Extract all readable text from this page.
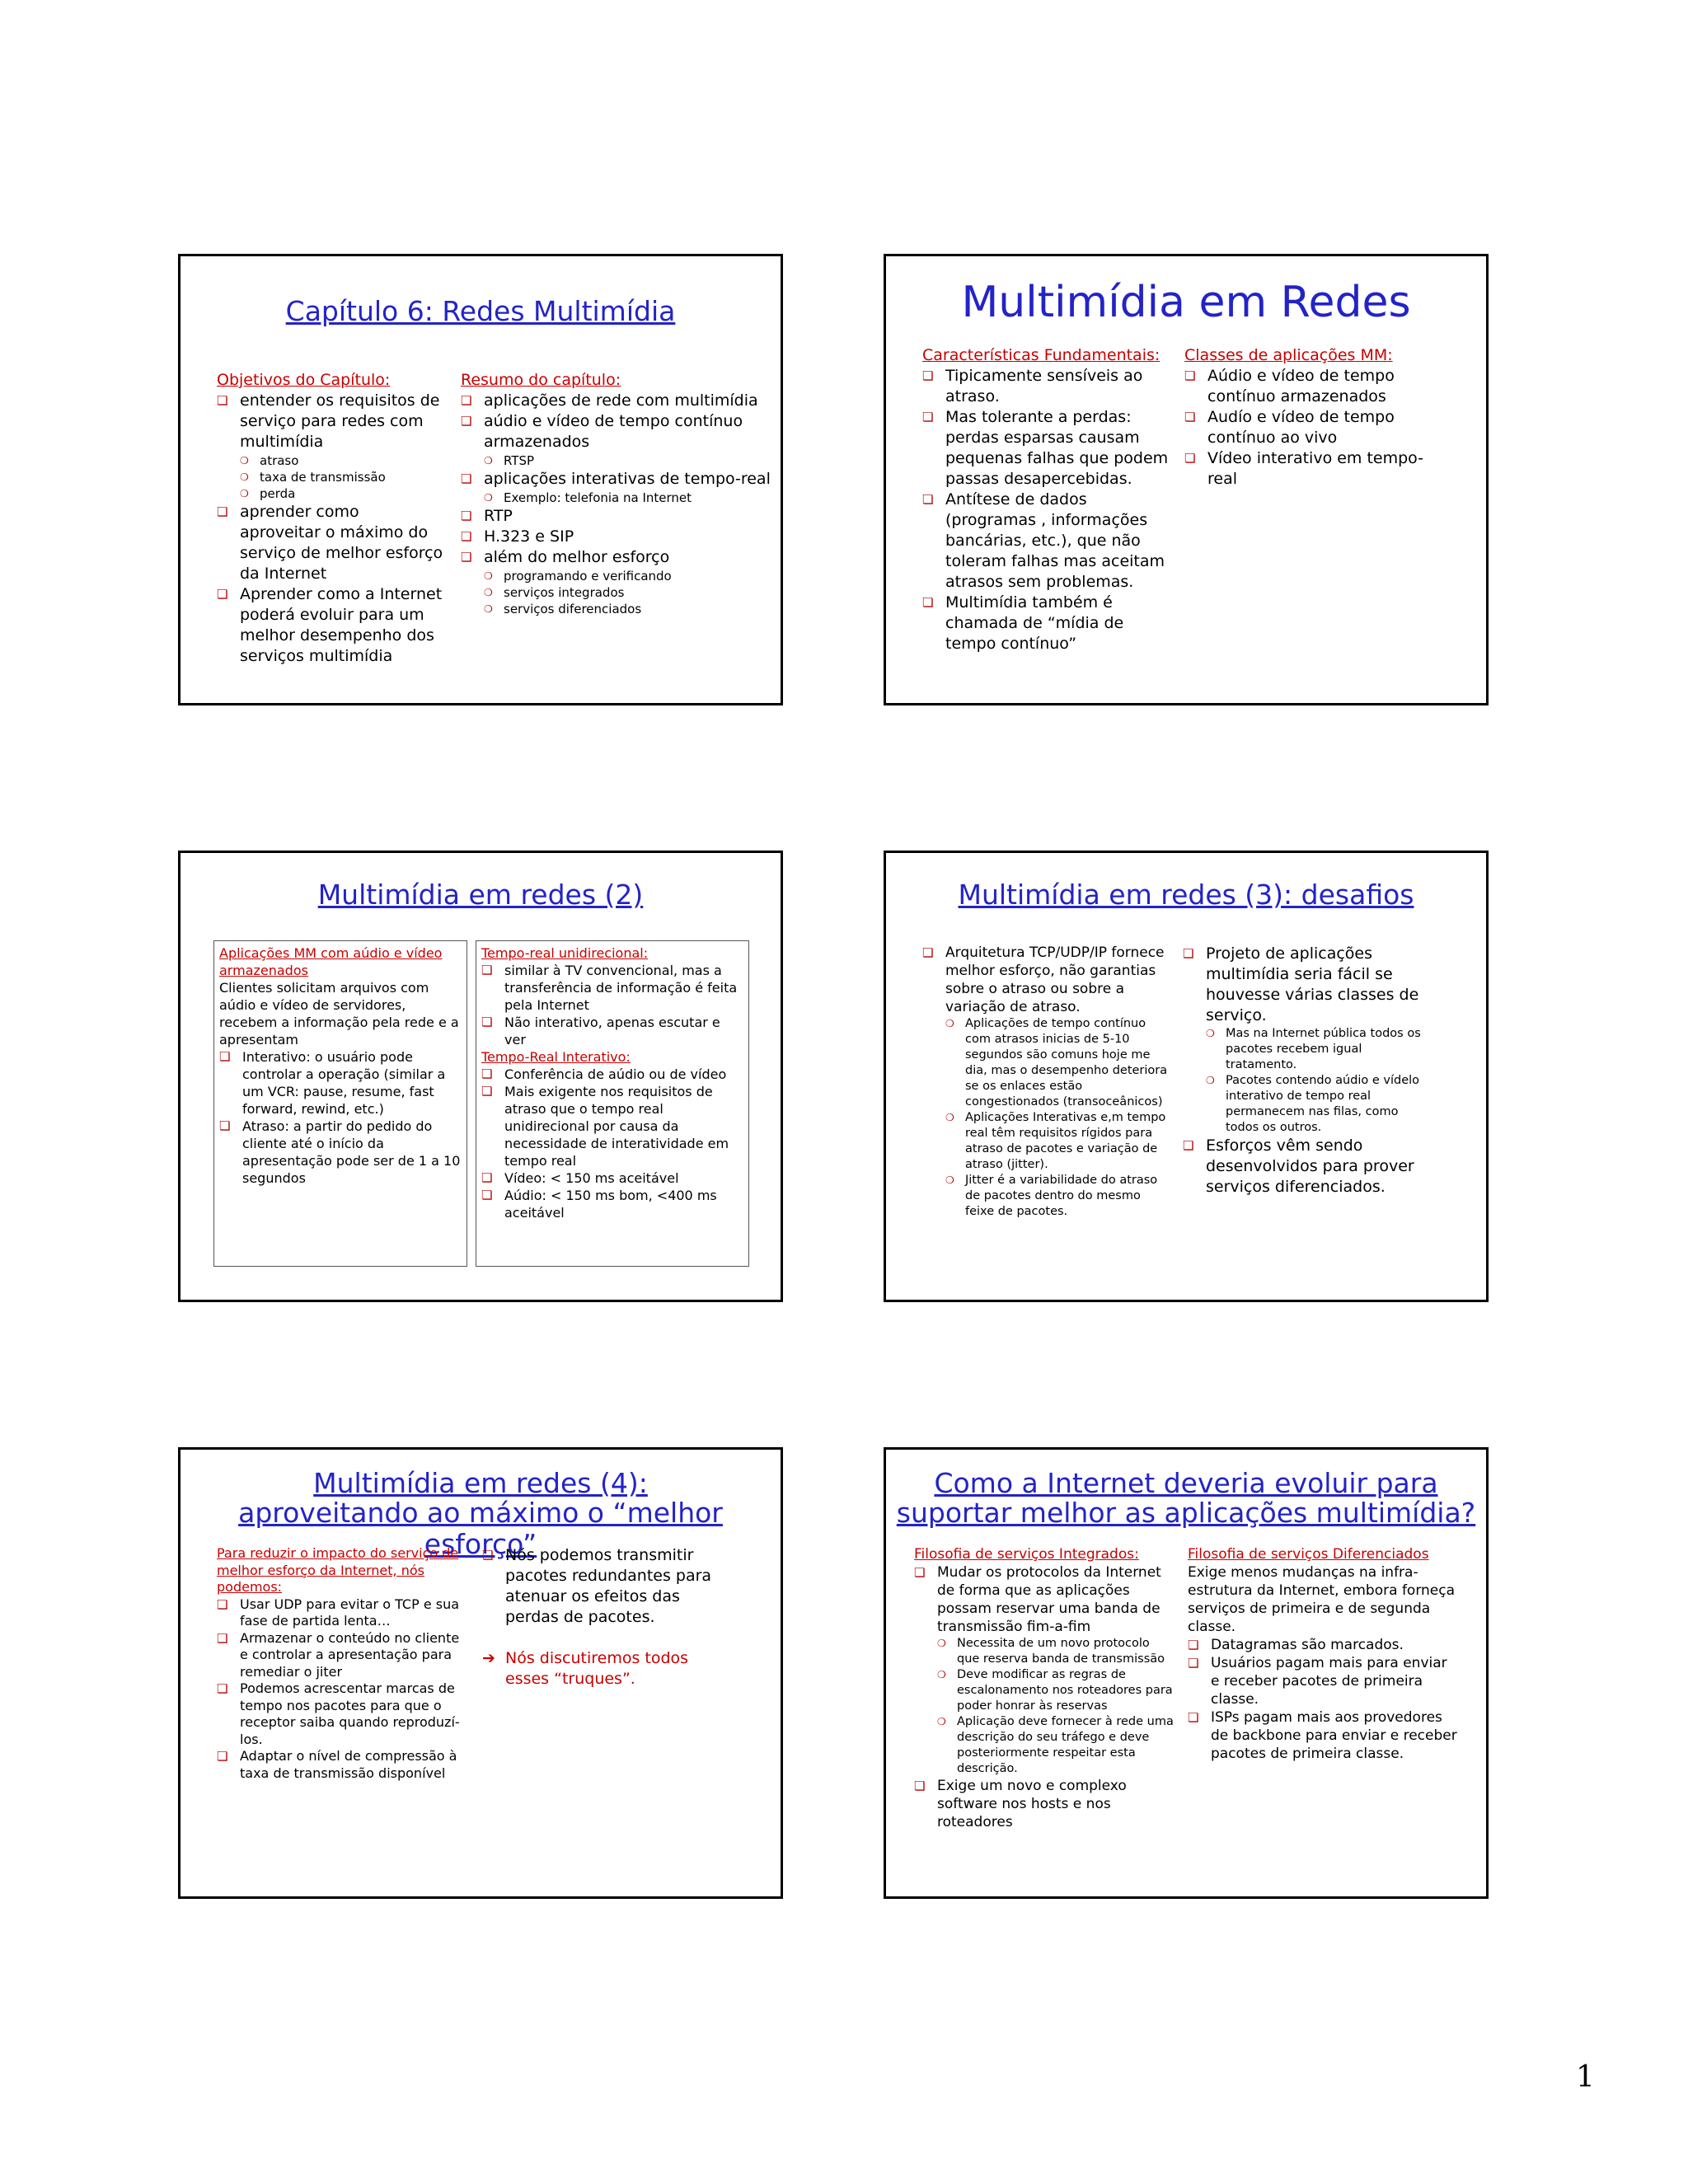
Capítulo 6: Redes Multimídia
Objetivos do Capítulo:
❏ entender os requisitos de serviço para redes com multimídia
❍ atraso
❍ taxa de transmissão
❍ perda
❏ aprender como aproveitar o máximo do serviço de melhor esforço da Internet
❏ Aprender como a Internet poderá evoluir para um melhor desempenho dos serviços multimídia
Resumo do capítulo:
❏ aplicações de rede com multimídia
❏ aúdio e vídeo de tempo contínuo armazenados
❍ RTSP
❏ aplicações interativas de tempo-real
❍ Exemplo: telefonia na Internet
❏ RTP
❏ H.323 e SIP
❏ além do melhor esforço
❍ programando e verificando
❍ serviços integrados
❍ serviços diferenciados
Multimídia em Redes
Características Fundamentais:
❏ Tipicamente sensíveis ao atraso.
❏ Mas tolerante a perdas: perdas esparsas causam pequenas falhas que podem passas desapercebidas.
❏ Antítese de dados (programas , informações bancárias, etc.), que não toleram falhas mas aceitam atrasos sem problemas.
❏ Multimídia também é chamada de “mídia de tempo contínuo”
Classes de aplicações MM:
❏ Aúdio e vídeo de tempo contínuo armazenados
❏ Audío e vídeo de tempo contínuo ao vivo
❏ Vídeo interativo em tempo-real
Multimídia em redes (2)
Aplicações MM com aúdio e vídeo armazenados
Clientes solicitam arquivos com aúdio e vídeo de servidores, recebem a informação pela rede e a apresentam
❏ Interativo: o usuário pode controlar a operação (similar a um VCR: pause, resume, fast forward, rewind, etc.)
❏ Atraso: a partir do pedido do cliente até o início da apresentação pode ser de 1 a 10 segundos
Tempo-real unidirecional:
❏ similar à TV convencional, mas a transferência de informação é feita pela Internet
❏ Não interativo, apenas escutar e ver
Tempo-Real Interativo:
❏ Conferência de aúdio ou de vídeo
❏ Mais exigente nos requisitos de atraso que o tempo real unidirecional por causa da necessidade de interatividade em tempo real
❏ Vídeo: < 150 ms aceitável
❏ Aúdio: < 150 ms bom, <400 ms aceitável
Multimídia em redes (3): desafios
❏ Arquitetura TCP/UDP/IP fornece melhor esforço, não garantias sobre o atraso ou sobre a variação de atraso.
❍ Aplicações de tempo contínuo com atrasos inicias de 5-10 segundos são comuns hoje me dia, mas o desempenho deteriora se os enlaces estão congestionados (transoceânicos)
❍ Aplicações Interativas e,m tempo real têm requisitos rígidos para atraso de pacotes e variação de atraso (jitter).
❍ Jitter é a variabilidade do atraso de pacotes dentro do mesmo feixe de pacotes.
❏ Projeto de aplicações multimídia seria fácil se houvesse várias classes de serviço.
❍ Mas na Internet pública todos os pacotes recebem igual tratamento.
❍ Pacotes contendo aúdio e vídelo interativo de tempo real permanecem nas filas, como todos os outros.
❏ Esforços vêm sendo desenvolvidos para prover serviços diferenciados.
Multimídia em redes (4):
aproveitando ao máximo o “melhor esforço”
Para reduzir o impacto do serviço de melhor esforço da Internet, nós podemos:
❏ Usar UDP para evitar o TCP e sua fase de partida lenta…
❏ Armazenar o conteúdo no cliente e controlar a apresentação para remediar o jiter
❏ Podemos acrescentar marcas de tempo nos pacotes para que o receptor saiba quando reproduzí-los.
❏ Adaptar o nível de compressão à taxa de transmissão disponível
❏ Nós podemos transmitir pacotes redundantes para atenuar os efeitos das perdas de pacotes.
➔ Nós discutiremos todos esses “truques”.
Como a Internet deveria evoluir para
suportar melhor as aplicações multimídia?
Filosofia de serviços Integrados:
❏ Mudar os protocolos da Internet de forma que as aplicações possam reservar uma banda de transmissão fim-a-fim
❍ Necessita de um novo protocolo que reserva banda de transmissão
❍ Deve modificar as regras de escalonamento nos roteadores para poder honrar às reservas
❍ Aplicação deve fornecer à rede uma descrição do seu tráfego e deve posteriormente respeitar esta descrição.
❏ Exige um novo e complexo software nos hosts e nos roteadores
Filosofia de serviços Diferenciados
Exige menos mudanças na infra-estrutura da Internet, embora forneça serviços de primeira e de segunda classe.
❏ Datagramas são marcados.
❏ Usuários pagam mais para enviar e receber pacotes de primeira classe.
❏ ISPs pagam mais aos provedores de backbone para enviar e receber pacotes de primeira classe.
1
